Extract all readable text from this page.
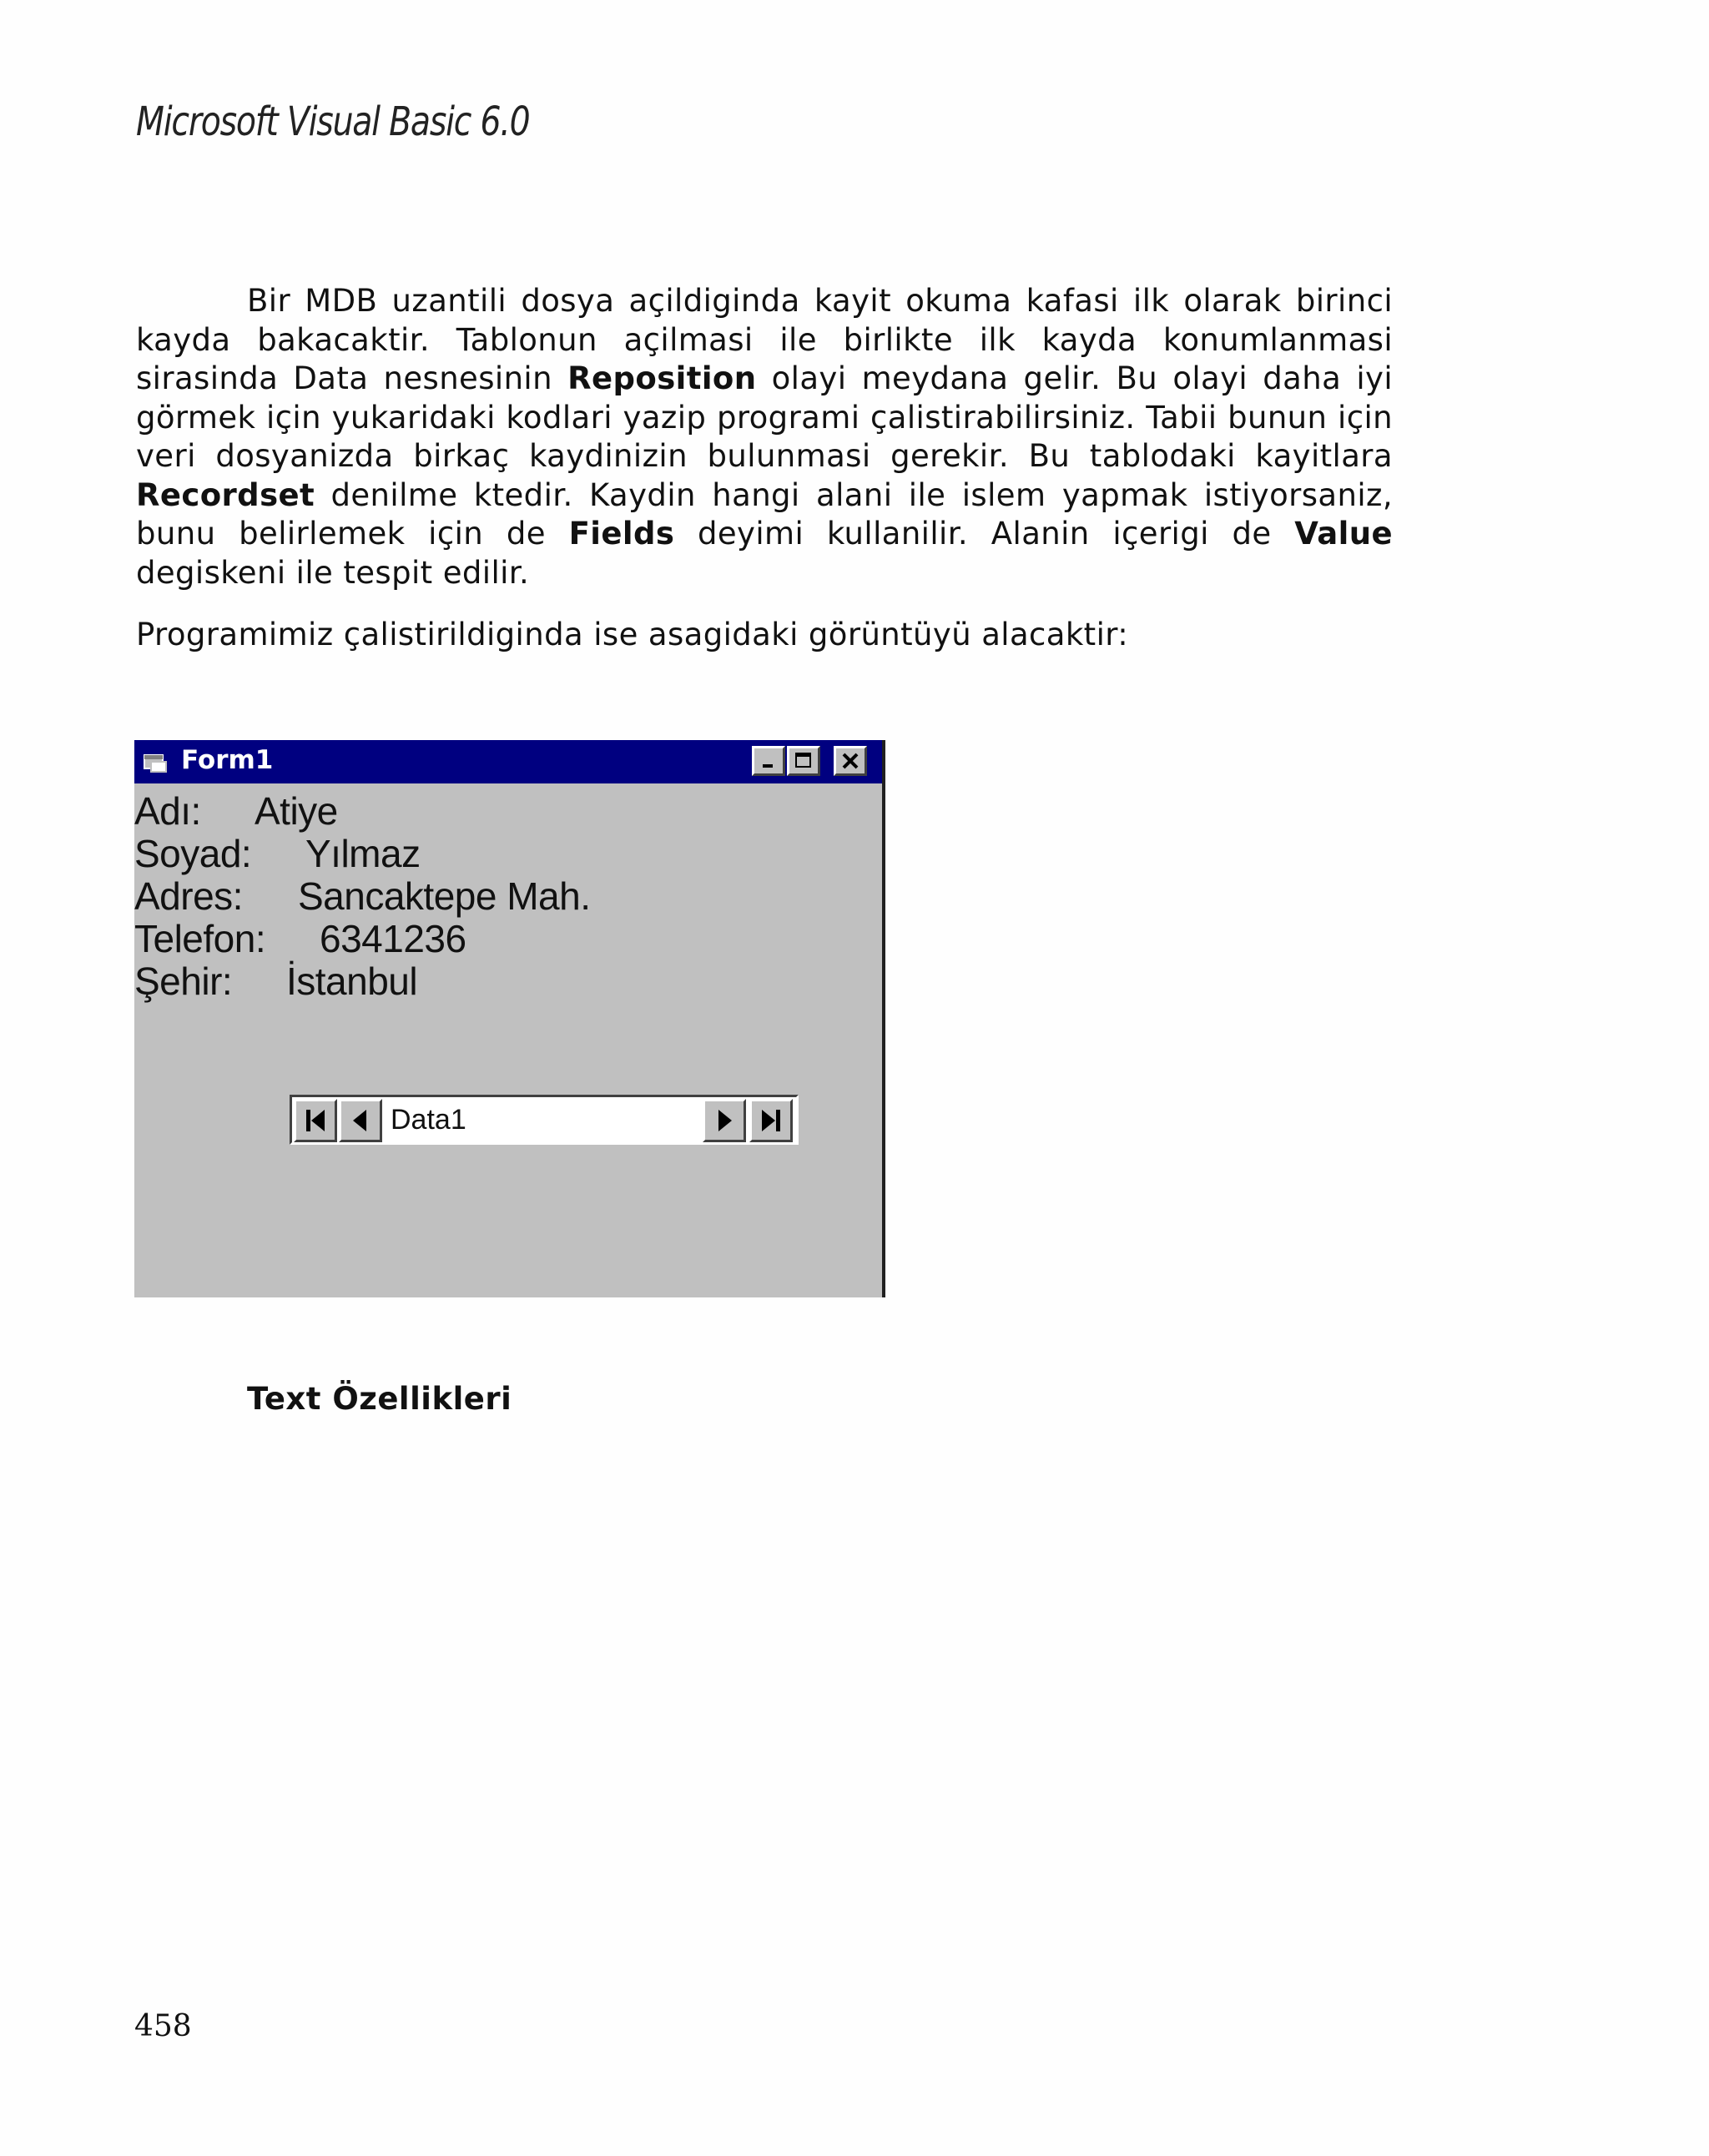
Microsoft Visual Basic 6.0

Bir MDB uzantili dosya açildiginda kayit okuma kafasi ilk olarak birinci kayda bakacaktir. Tablonun açilmasi ile birlikte ilk kayda konumlanmasi sirasinda Data nesnesinin Reposition olayi meydana gelir. Bu olayi daha iyi görmek için yukaridaki kodlari yazip programi çalistirabilirsiniz. Tabii bunun için veri dosyanizda birkaç kaydinizin bulunmasi gerekir. Bu tablodaki kayitlara Recordset denilme ktedir. Kaydin hangi alani ile islem yapmak istiyorsaniz, bunu belirlemek için de Fields deyimi kullanilir. Alanin içerigi de Value degiskeni ile tespit edilir.

Programimiz çalistirildiginda ise asagidaki görüntüyü alacaktir:

Form1
Adı: Atiye
Soyad: Yılmaz
Adres: Sancaktepe Mah.
Telefon: 6341236
Şehir: İstanbul
Data1

Text Özellikleri

458
